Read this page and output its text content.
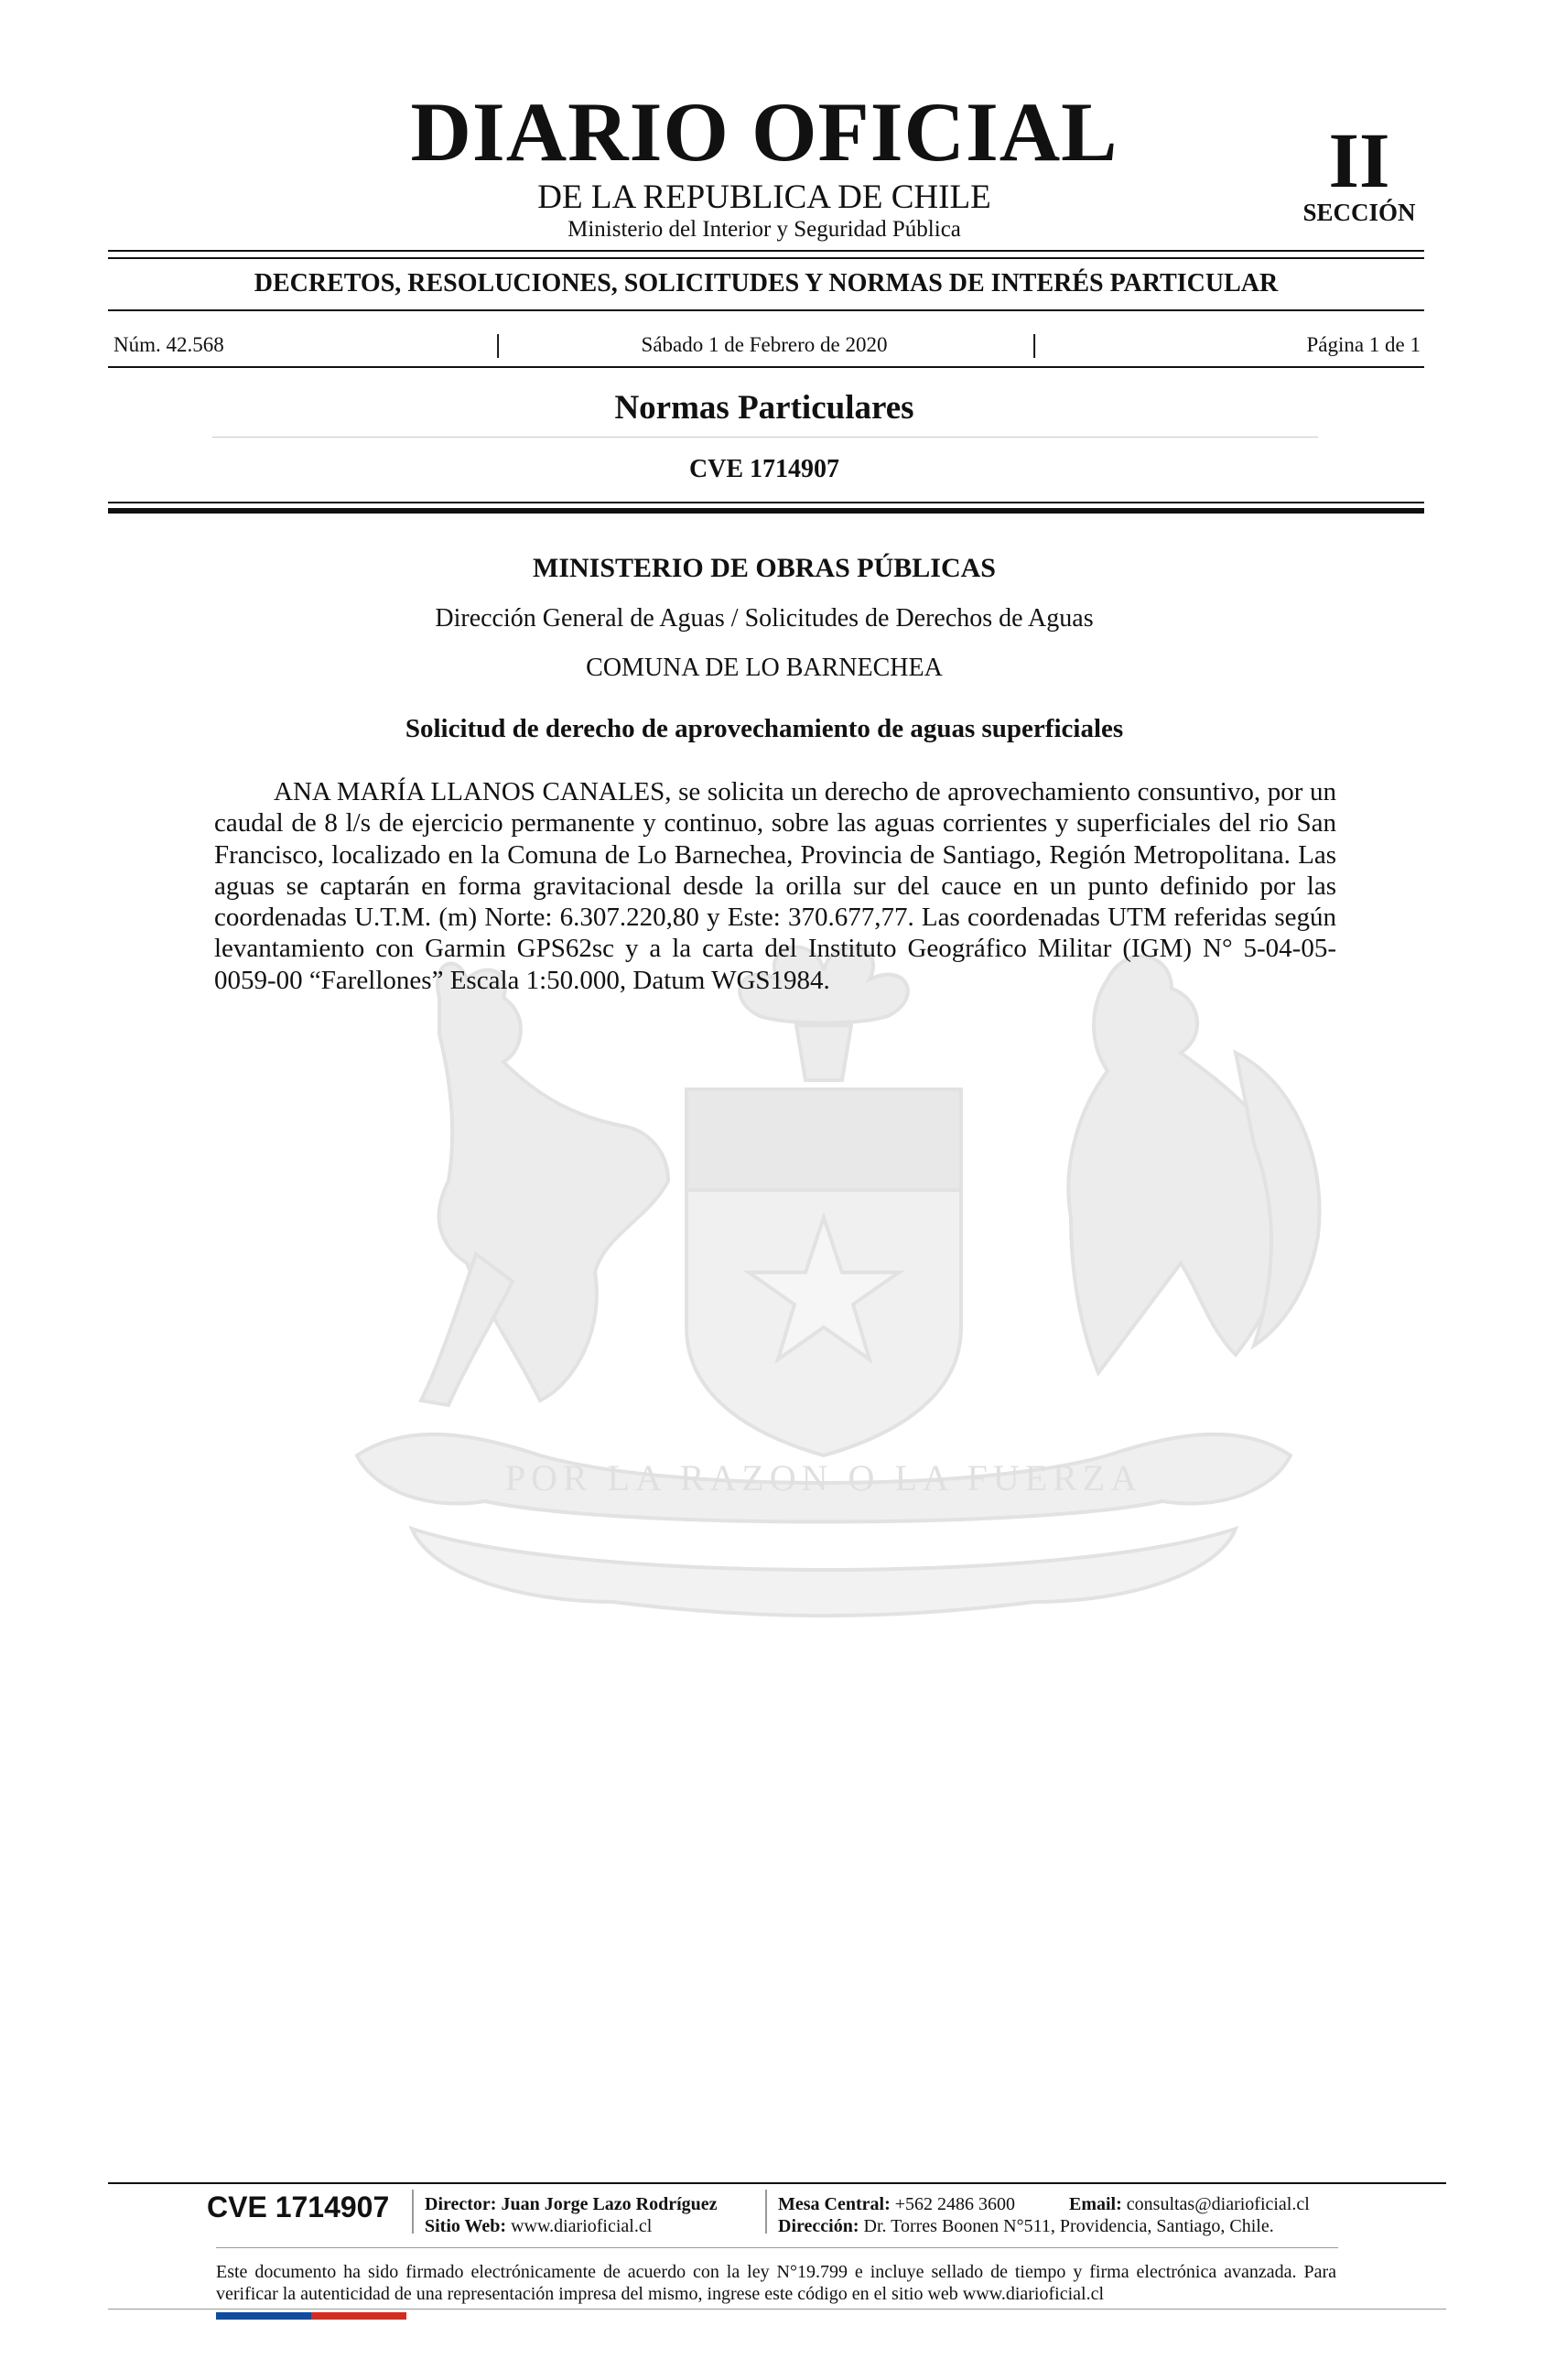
POR LA RAZON O LA FUERZA
DIARIO OFICIAL
DE LA REPUBLICA DE CHILE
Ministerio del Interior y Seguridad Pública
II
SECCIÓN
DECRETOS, RESOLUCIONES, SOLICITUDES Y NORMAS DE INTERÉS PARTICULAR
Núm. 42.568	|	Sábado 1 de Febrero de 2020	|	Página 1 de 1
Normas Particulares
CVE 1714907
MINISTERIO DE OBRAS PÚBLICAS
Dirección General de Aguas / Solicitudes de Derechos de Aguas
COMUNA DE LO BARNECHEA
Solicitud de derecho de aprovechamiento de aguas superficiales

ANA MARÍA LLANOS CANALES, se solicita un derecho de aprovechamiento consuntivo, por un caudal de 8 l/s de ejercicio permanente y continuo, sobre las aguas corrientes y superficiales del rio San Francisco, localizado en la Comuna de Lo Barnechea, Provincia de Santiago, Región Metropolitana. Las aguas se captarán en forma gravitacional desde la orilla sur del cauce en un punto definido por las coordenadas U.T.M. (m) Norte: 6.307.220,80 y Este: 370.677,77. Las coordenadas UTM referidas según levantamiento con Garmin GPS62sc y a la carta del Instituto Geográfico Militar (IGM) N° 5-04-05-0059-00 “Farellones” Escala 1:50.000, Datum WGS1984.

CVE 1714907 Director: Juan Jorge Lazo Rodríguez
Sitio Web: www.diarioficial.cl
Mesa Central: +562 2486 3600	Email: consultas@diarioficial.cl
Dirección: Dr. Torres Boonen N°511, Providencia, Santiago, Chile.

Este documento ha sido firmado electrónicamente de acuerdo con la ley N°19.799 e incluye sellado de tiempo y firma electrónica avanzada. Para verificar la autenticidad de una representación impresa del mismo, ingrese este código en el sitio web www.diarioficial.cl
